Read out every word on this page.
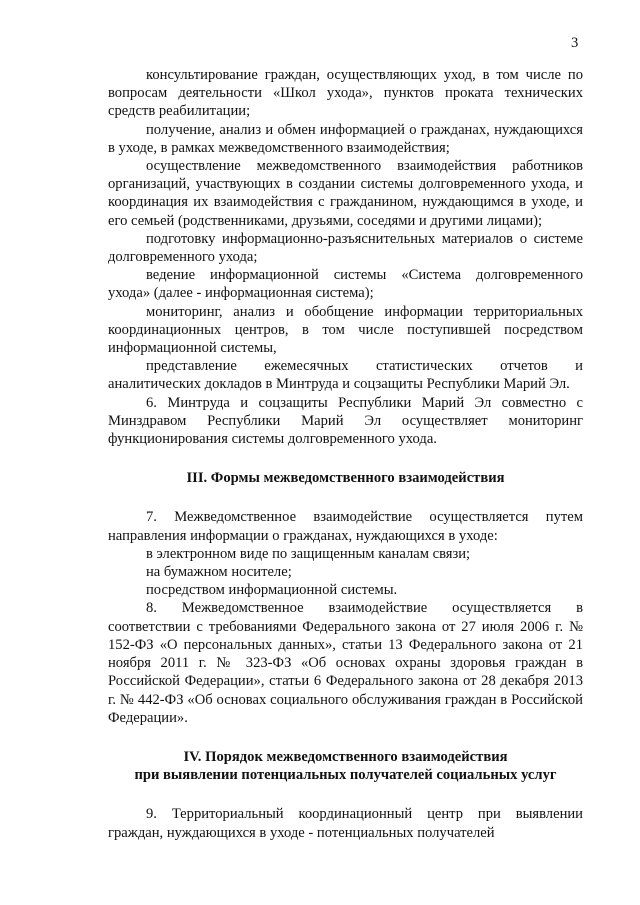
3

консультирование граждан, осуществляющих уход, в том числе по вопросам деятельности «Школ ухода», пунктов проката технических средств реабилитации;

получение, анализ и обмен информацией о гражданах, нуждающихся в уходе, в рамках межведомственного взаимодействия;

осуществление межведомственного взаимодействия работников организаций, участвующих в создании системы долговременного ухода, и координация их взаимодействия с гражданином, нуждающимся в уходе, и его семьей (родственниками, друзьями, соседями и другими лицами);

подготовку информационно-разъяснительных материалов о системе долговременного ухода;

ведение информационной системы «Система долговременного ухода» (далее - информационная система);

мониторинг, анализ и обобщение информации территориальных координационных центров, в том числе поступившей посредством информационной системы,

представление ежемесячных статистических отчетов и аналитических докладов в Минтруда и соцзащиты Республики Марий Эл.

6. Минтруда и соцзащиты Республики Марий Эл совместно с Минздравом Республики Марий Эл осуществляет мониторинг функционирования системы долговременного ухода.

III. Формы межведомственного взаимодействия

7. Межведомственное взаимодействие осуществляется путем направления информации о гражданах, нуждающихся в уходе:

в электронном виде по защищенным каналам связи;

на бумажном носителе;

посредством информационной системы.

8. Межведомственное взаимодействие осуществляется в соответствии с требованиями Федерального закона от 27 июля 2006 г. № 152-ФЗ «О персональных данных», статьи 13 Федерального закона от 21 ноября 2011 г. № 323-ФЗ «Об основах охраны здоровья граждан в Российской Федерации», статьи 6 Федерального закона от 28 декабря 2013 г. № 442-ФЗ «Об основах социального обслуживания граждан в Российской Федерации».

IV. Порядок межведомственного взаимодействия
при выявлении потенциальных получателей социальных услуг

9. Территориальный координационный центр при выявлении граждан, нуждающихся в уходе - потенциальных получателей
